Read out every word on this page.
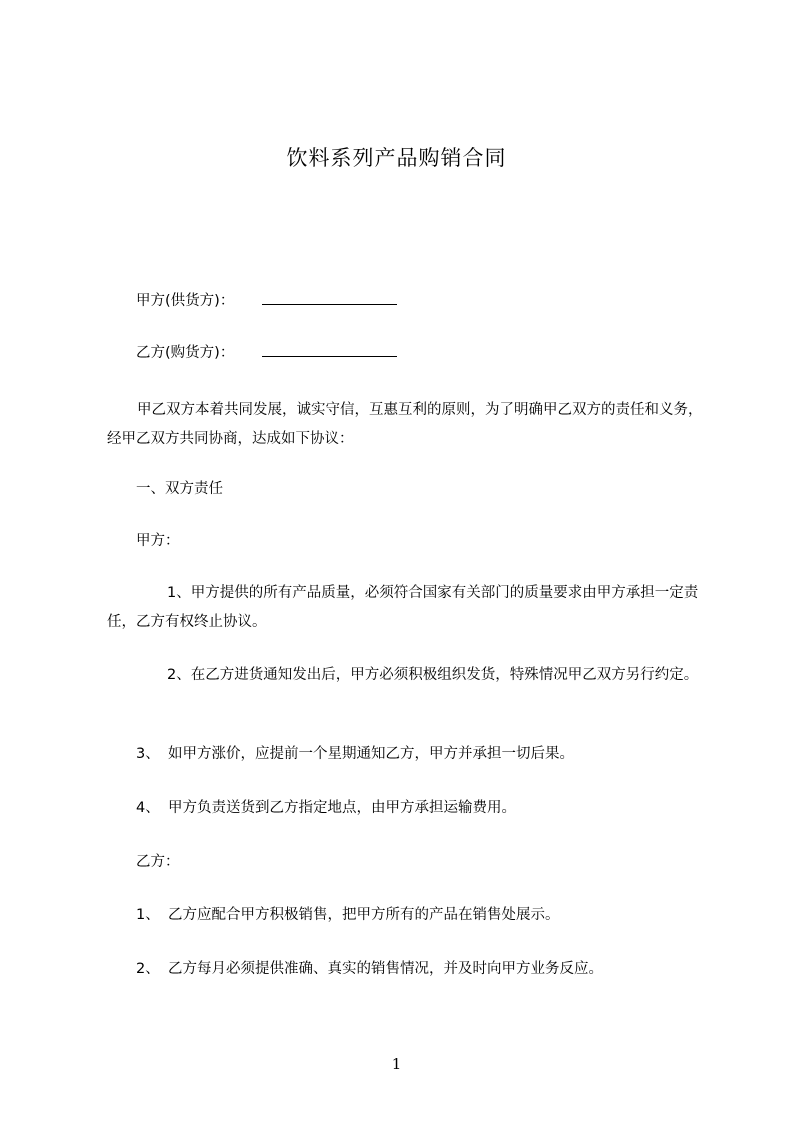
饮料系列产品购销合同
甲方(供货方)：
乙方(购货方)：
甲乙双方本着共同发展，诚实守信，互惠互利的原则，为了明确甲乙双方的责任和义务，经甲乙双方共同协商，达成如下协议：
一、双方责任
甲方：
1、甲方提供的所有产品质量，必须符合国家有关部门的质量要求由甲方承担一定责任，乙方有权终止协议。
2、在乙方进货通知发出后，甲方必须积极组织发货，特殊情况甲乙双方另行约定。
3、 如甲方涨价，应提前一个星期通知乙方，甲方并承担一切后果。
4、 甲方负责送货到乙方指定地点，由甲方承担运输费用。
乙方：
1、 乙方应配合甲方积极销售，把甲方所有的产品在销售处展示。
2、 乙方每月必须提供准确、真实的销售情况，并及时向甲方业务反应。
1
